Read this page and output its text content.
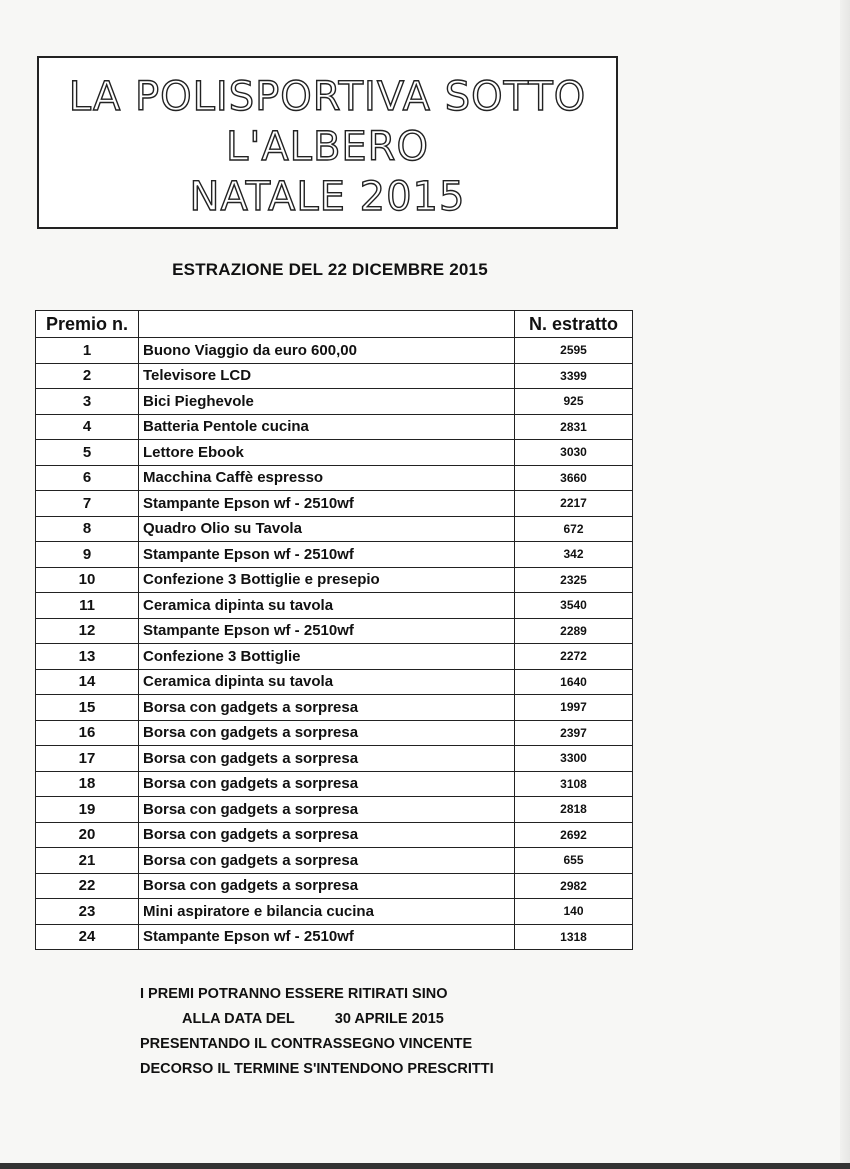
LA POLISPORTIVA SOTTO
L'ALBERO
NATALE 2015
ESTRAZIONE DEL 22 DICEMBRE 2015
Premio n.		N. estratto
1	Buono Viaggio da euro 600,00	2595
2	Televisore LCD	3399
3	Bici Pieghevole	925
4	Batteria Pentole cucina	2831
5	Lettore Ebook	3030
6	Macchina Caffè espresso	3660
7	Stampante Epson wf - 2510wf	2217
8	Quadro Olio su Tavola	672
9	Stampante Epson wf - 2510wf	342
10	Confezione 3 Bottiglie e presepio	2325
11	Ceramica dipinta su tavola	3540
12	Stampante Epson wf - 2510wf	2289
13	Confezione 3 Bottiglie	2272
14	Ceramica dipinta su tavola	1640
15	Borsa con gadgets a sorpresa	1997
16	Borsa con gadgets a sorpresa	2397
17	Borsa con gadgets a sorpresa	3300
18	Borsa con gadgets a sorpresa	3108
19	Borsa con gadgets a sorpresa	2818
20	Borsa con gadgets a sorpresa	2692
21	Borsa con gadgets a sorpresa	655
22	Borsa con gadgets a sorpresa	2982
23	Mini aspiratore e bilancia cucina	140
24	Stampante Epson wf - 2510wf	1318
I PREMI POTRANNO ESSERE RITIRATI SINO
ALLA DATA DEL	30 APRILE 2015
PRESENTANDO IL CONTRASSEGNO VINCENTE
DECORSO IL TERMINE S'INTENDONO PRESCRITTI
